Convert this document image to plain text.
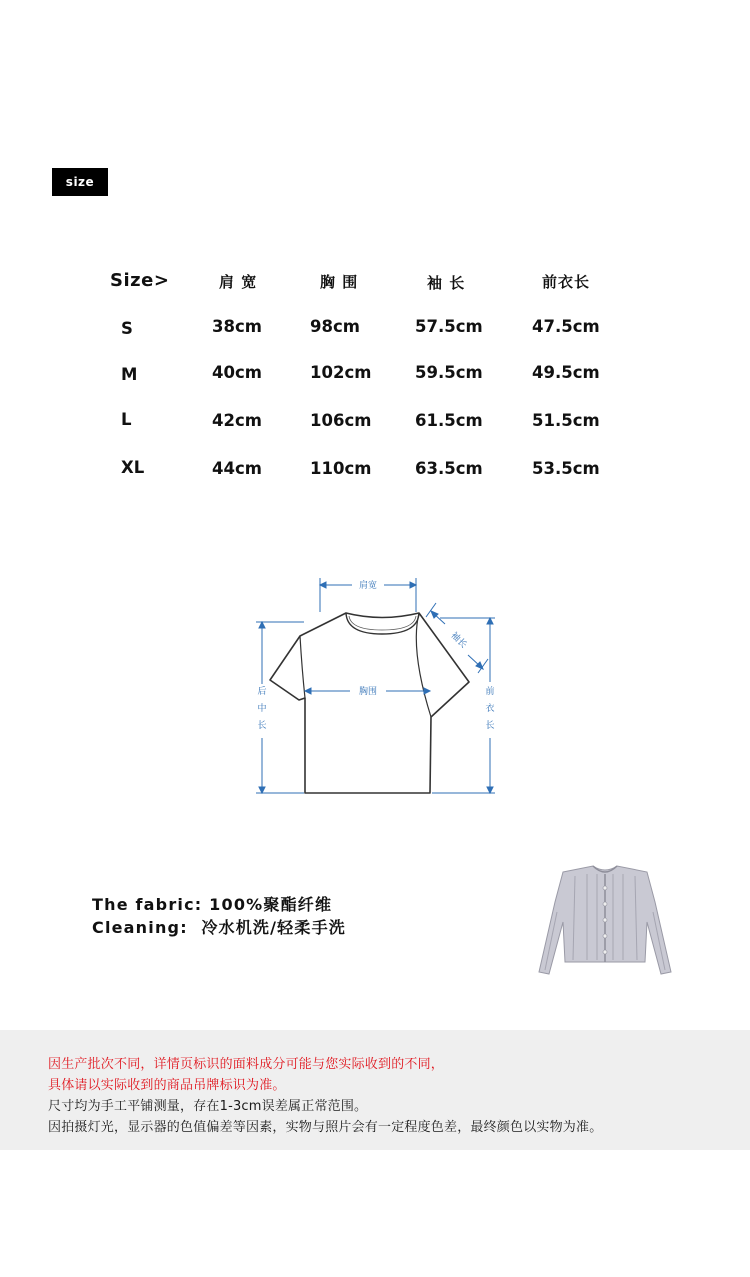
size
Size>	肩 宽	胸 围	袖 长	前衣长
S	38cm	98cm	57.5cm	47.5cm
M	40cm	102cm	59.5cm	49.5cm
L	42cm	106cm	61.5cm	51.5cm
XL	44cm	110cm	63.5cm	53.5cm
肩宽
胸围
袖长
后中长
前衣长
The fabric: 100%聚酯纤维
Cleaning:  冷水机洗/轻柔手洗
因生产批次不同，详情页标识的面料成分可能与您实际收到的不同，
具体请以实际收到的商品吊牌标识为准。
尺寸均为手工平铺测量，存在1-3cm误差属正常范围。
因拍摄灯光，显示器的色值偏差等因素，实物与照片会有一定程度色差，最终颜色以实物为准。
